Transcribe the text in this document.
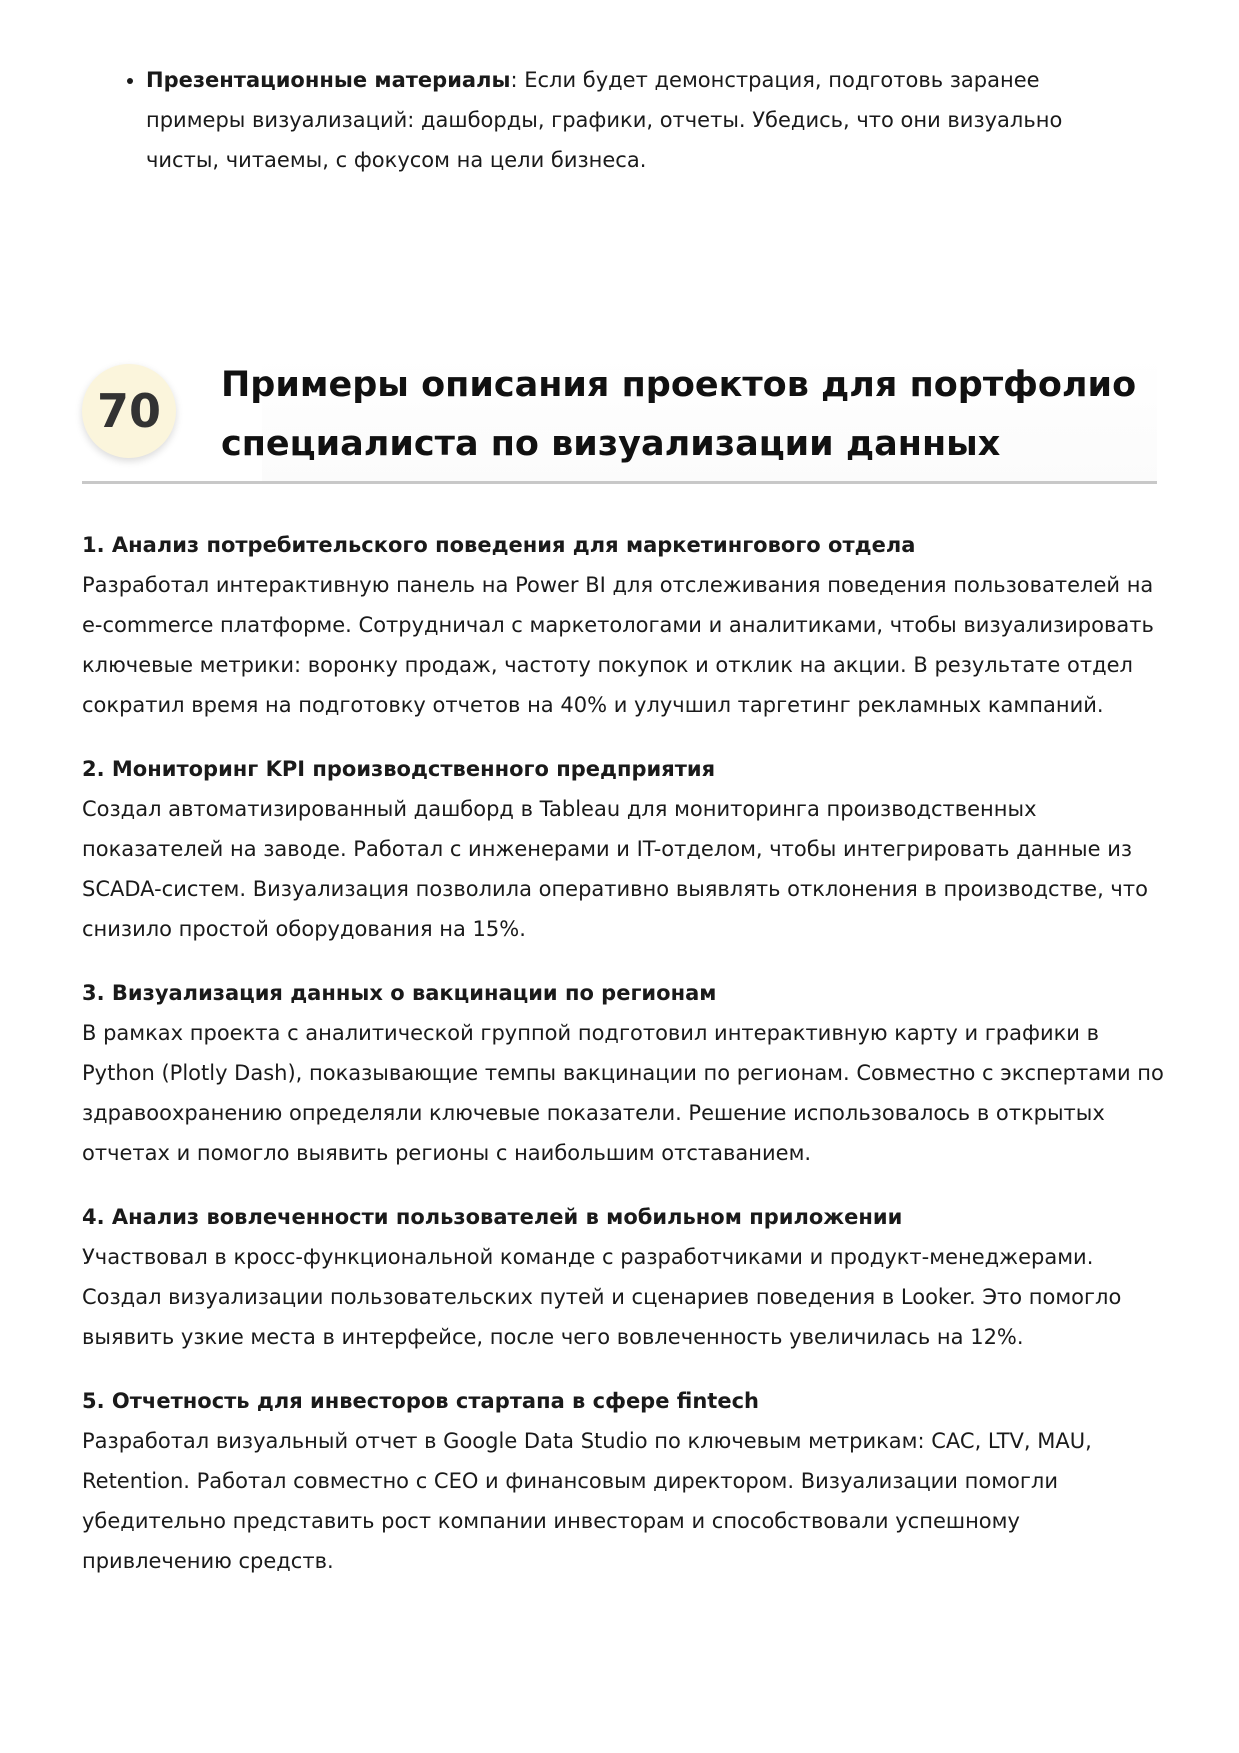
• Презентационные материалы: Если будет демонстрация, подготовь заранее примеры визуализаций: дашборды, графики, отчеты. Убедись, что они визуально чисты, читаемы, с фокусом на цели бизнеса.
70	Примеры описания проектов для портфолио специалиста по визуализации данных

1. Анализ потребительского поведения для маркетингового отдела

Разработал интерактивную панель на Power BI для отслеживания поведения пользователей на e-commerce платформе. Сотрудничал с маркетологами и аналитиками, чтобы визуализировать ключевые метрики: воронку продаж, частоту покупок и отклик на акции. В результате отдел сократил время на подготовку отчетов на 40% и улучшил таргетинг рекламных кампаний.

2. Мониторинг KPI производственного предприятия

Создал автоматизированный дашборд в Tableau для мониторинга производственных показателей на заводе. Работал с инженерами и IT-отделом, чтобы интегрировать данные из SCADA-систем. Визуализация позволила оперативно выявлять отклонения в производстве, что снизило простой оборудования на 15%.

3. Визуализация данных о вакцинации по регионам

В рамках проекта с аналитической группой подготовил интерактивную карту и графики в Python (Plotly Dash), показывающие темпы вакцинации по регионам. Совместно с экспертами по здравоохранению определяли ключевые показатели. Решение использовалось в открытых отчетах и помогло выявить регионы с наибольшим отставанием.

4. Анализ вовлеченности пользователей в мобильном приложении

Участвовал в кросс-функциональной команде с разработчиками и продукт-менеджерами. Создал визуализации пользовательских путей и сценариев поведения в Looker. Это помогло выявить узкие места в интерфейсе, после чего вовлеченность увеличилась на 12%.

5. Отчетность для инвесторов стартапа в сфере fintech

Разработал визуальный отчет в Google Data Studio по ключевым метрикам: CAC, LTV, MAU, Retention. Работал совместно с CEO и финансовым директором. Визуализации помогли убедительно представить рост компании инвесторам и способствовали успешному привлечению средств.
